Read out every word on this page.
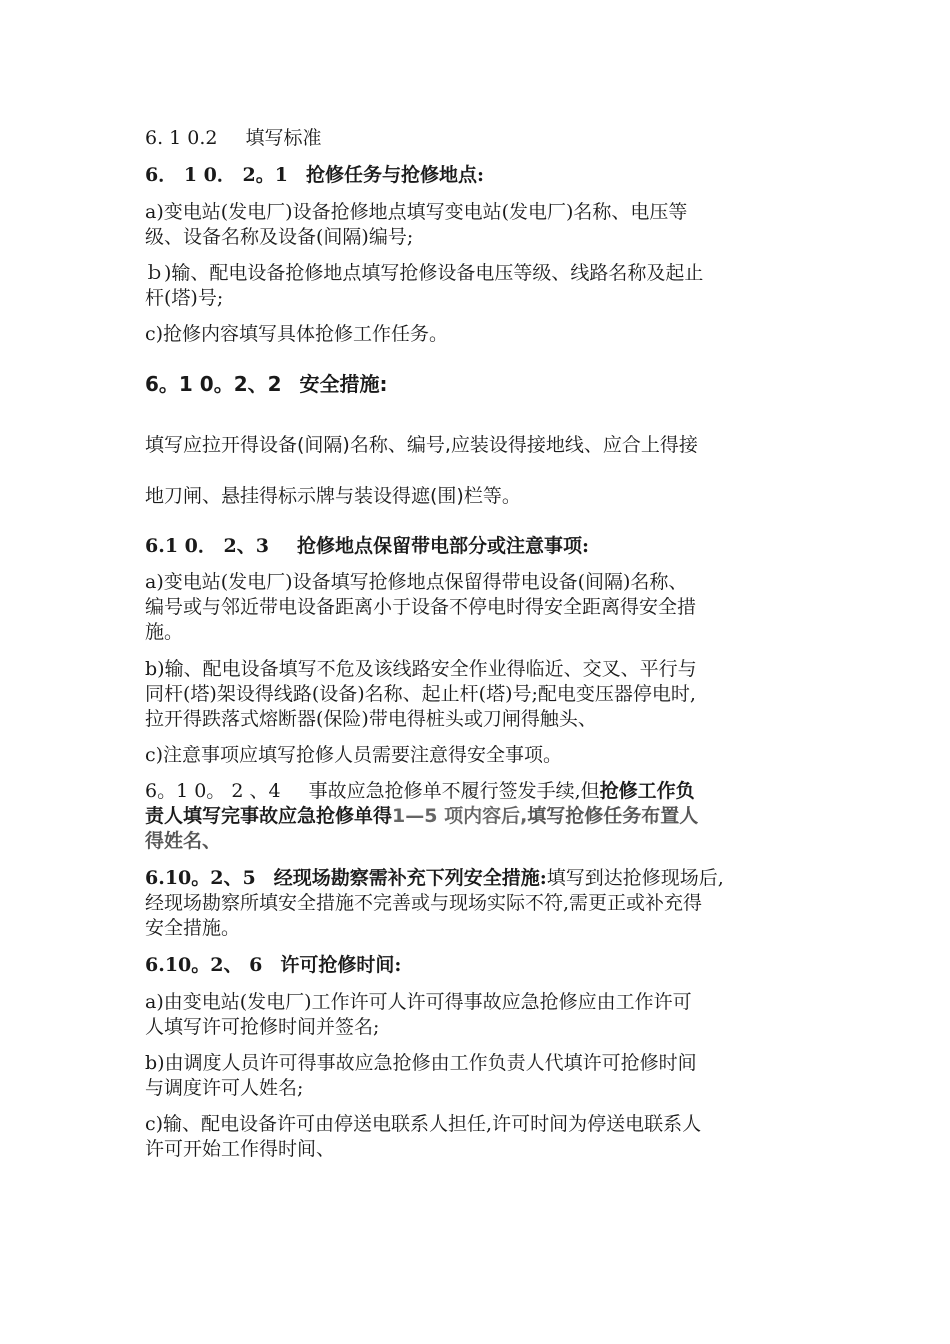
6. 1 0.2 填写标准
6． 1 0． 2。1 抢修任务与抢修地点:
a)变电站(发电厂)设备抢修地点填写变电站(发电厂)名称、电压等
级、设备名称及设备(间隔)编号;
ｂ)输、配电设备抢修地点填写抢修设备电压等级、线路名称及起止
杆(塔)号;
c)抢修内容填写具体抢修工作任务。
6。1 0。2、2 安全措施:
填写应拉开得设备(间隔)名称、编号,应装设得接地线、应合上得接
地刀闸、悬挂得标示牌与装设得遮(围)栏等。
6.1 0． 2、3 抢修地点保留带电部分或注意事项:
a)变电站(发电厂)设备填写抢修地点保留得带电设备(间隔)名称、
编号或与邻近带电设备距离小于设备不停电时得安全距离得安全措
施。
b)输、配电设备填写不危及该线路安全作业得临近、交叉、平行与
同杆(塔)架设得线路(设备)名称、起止杆(塔)号;配电变压器停电时,
拉开得跌落式熔断器(保险)带电得桩头或刀闸得触头、
c)注意事项应填写抢修人员需要注意得安全事项。
6。1 0。 2 、4 事故应急抢修单不履行签发手续,但抢修工作负
责人填写完事故应急抢修单得1—5 项内容后,填写抢修任务布置人
得姓名、
6.10。2、5 经现场勘察需补充下列安全措施:填写到达抢修现场后,
经现场勘察所填安全措施不完善或与现场实际不符,需更正或补充得
安全措施。
6.10。2、 6 许可抢修时间:
a)由变电站(发电厂)工作许可人许可得事故应急抢修应由工作许可
人填写许可抢修时间并签名;
b)由调度人员许可得事故应急抢修由工作负责人代填许可抢修时间
与调度许可人姓名;
c)输、配电设备许可由停送电联系人担任,许可时间为停送电联系人
许可开始工作得时间、
